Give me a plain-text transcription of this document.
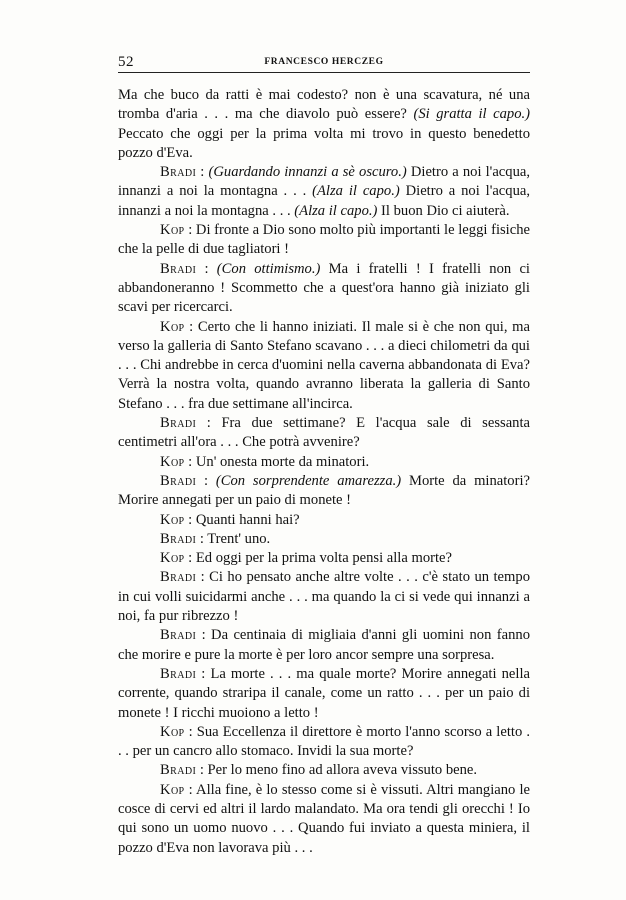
52	FRANCESCO HERCZEG

Ma che buco da ratti è mai codesto? non è una scavatura, né una tromba d'aria . . . ma che diavolo può essere? (Si gratta il capo.) Peccato che oggi per la prima volta mi trovo in questo benedetto pozzo d'Eva.

Bradi : (Guardando innanzi a sè oscuro.) Dietro a noi l'acqua, innanzi a noi la montagna . . . (Alza il capo.) Dietro a noi l'acqua, innanzi a noi la montagna . . . (Alza il capo.) Il buon Dio ci aiuterà.

Kop : Di fronte a Dio sono molto più importanti le leggi fisiche che la pelle di due tagliatori !

Bradi : (Con ottimismo.) Ma i fratelli ! I fratelli non ci abbandoneranno ! Scommetto che a quest'ora hanno già iniziato gli scavi per ricercarci.

Kop : Certo che li hanno iniziati. Il male si è che non qui, ma verso la galleria di Santo Stefano scavano . . . a dieci chilometri da qui . . . Chi andrebbe in cerca d'uomini nella caverna abbandonata di Eva? Verrà la nostra volta, quando avranno liberata la galleria di Santo Stefano . . . fra due settimane all'incirca.

Bradi : Fra due settimane? E l'acqua sale di sessanta centimetri all'ora . . . Che potrà avvenire?

Kop : Un' onesta morte da minatori.

Bradi : (Con sorprendente amarezza.) Morte da minatori? Morire annegati per un paio di monete !

Kop : Quanti hanni hai?

Bradi : Trent' uno.

Kop : Ed oggi per la prima volta pensi alla morte?

Bradi : Ci ho pensato anche altre volte . . . c'è stato un tempo in cui volli suicidarmi anche . . . ma quando la ci si vede qui innanzi a noi, fa pur ribrezzo !

Bradi : Da centinaia di migliaia d'anni gli uomini non fanno che morire e pure la morte è per loro ancor sempre una sorpresa.

Bradi : La morte . . . ma quale morte? Morire annegati nella corrente, quando straripa il canale, come un ratto . . . per un paio di monete ! I ricchi muoiono a letto !

Kop : Sua Eccellenza il direttore è morto l'anno scorso a letto . . . per un cancro allo stomaco. Invidi la sua morte?

Bradi : Per lo meno fino ad allora aveva vissuto bene.

Kop : Alla fine, è lo stesso come si è vissuti. Altri mangiano le cosce di cervi ed altri il lardo malandato. Ma ora tendi gli orecchi ! Io qui sono un uomo nuovo . . . Quando fui inviato a questa miniera, il pozzo d'Eva non lavorava più . . .
